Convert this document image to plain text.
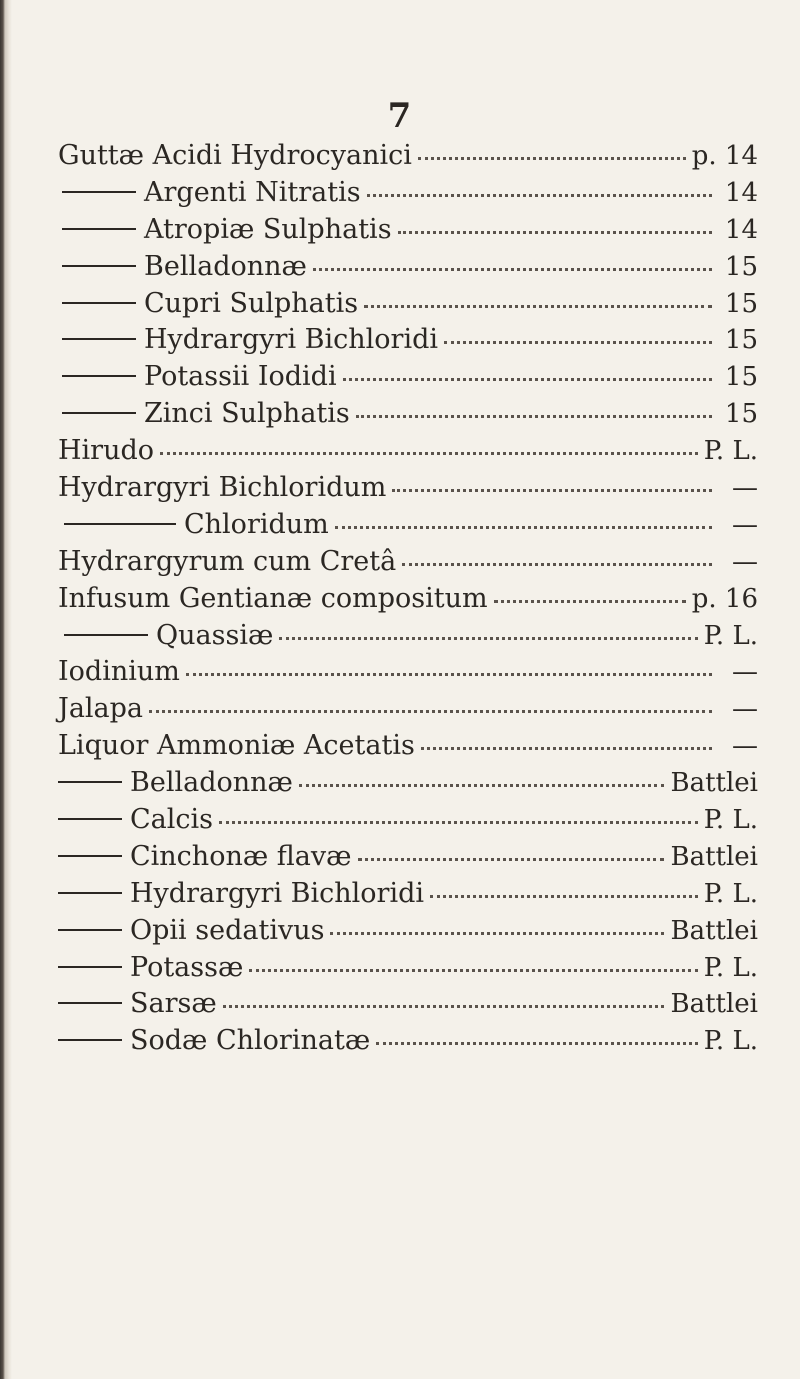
7
Guttæ Acidi Hydrocyanici	p. 14
Argenti Nitratis	14
Atropiæ Sulphatis	14
Belladonnæ	15
Cupri Sulphatis	15
Hydrargyri Bichloridi	15
Potassii Iodidi	15
Zinci Sulphatis	15
Hirudo	P. L.
Hydrargyri Bichloridum	—
Chloridum	—
Hydrargyrum cum Cretâ	—
Infusum Gentianæ compositum	p. 16
Quassiæ	P. L.
Iodinium	—
Jalapa	—
Liquor Ammoniæ Acetatis	—
Belladonnæ	Battlei
Calcis	P. L.
Cinchonæ flavæ	Battlei
Hydrargyri Bichloridi	P. L.
Opii sedativus	Battlei
Potassæ	P. L.
Sarsæ	Battlei
Sodæ Chlorinatæ	P. L.
